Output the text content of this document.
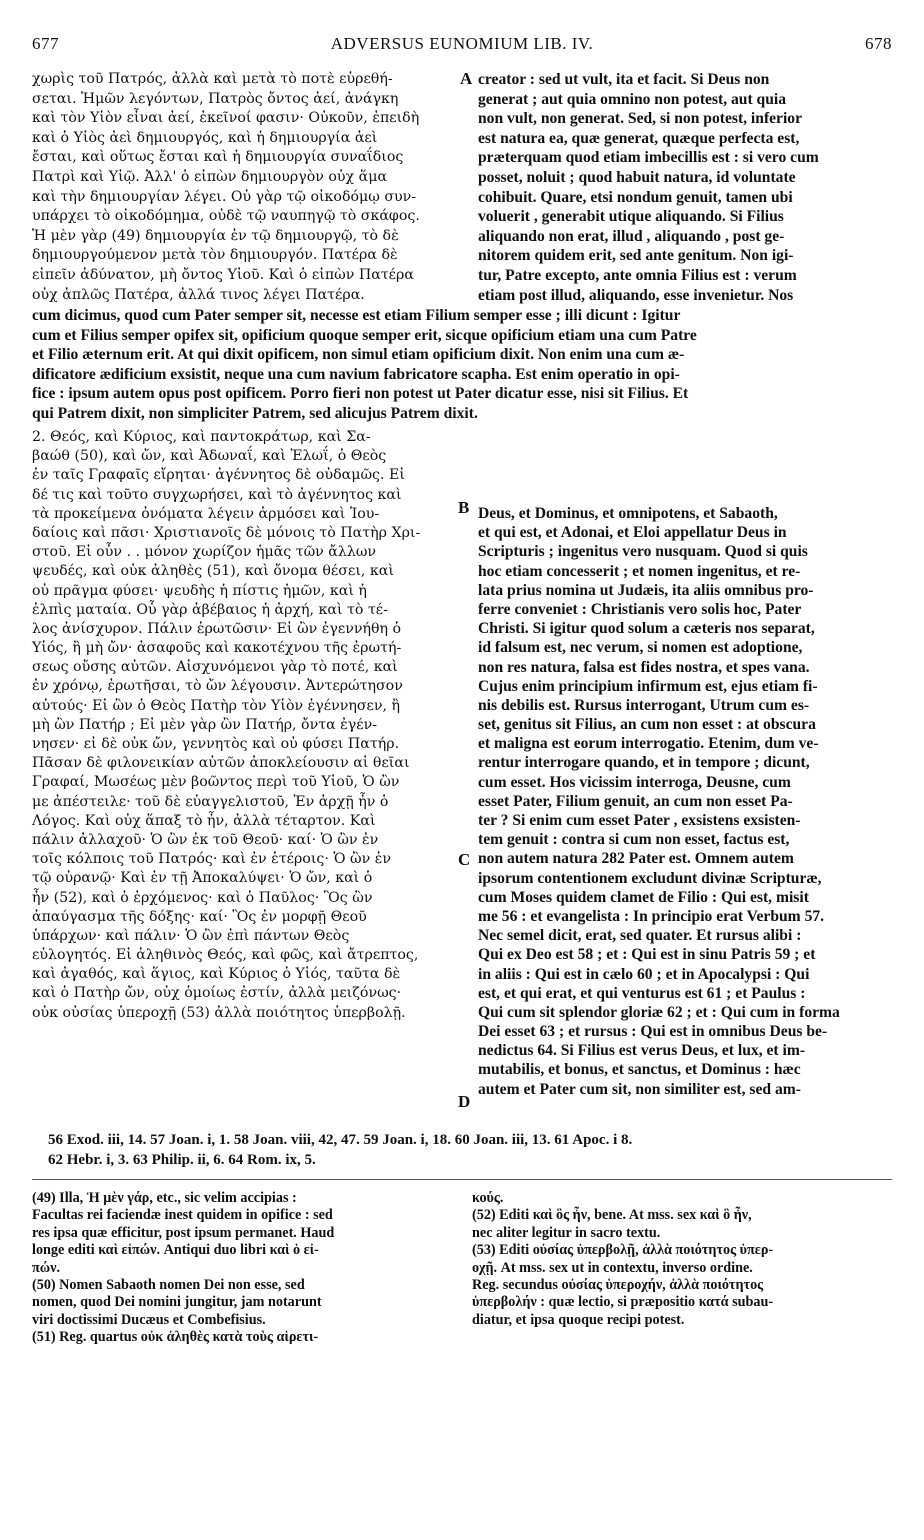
677	ADVERSUS EUNOMIUM LIB. IV.	678

χωρὶς τοῦ Πατρός, ἀλλὰ καὶ μετὰ τὸ ποτὲ εὑρεθή-

σεται. Ἡμῶν λεγόντων, Πατρὸς ὄντος ἀεί, ἀνάγκη

καὶ τὸν Υἱὸν εἶναι ἀεί, ἐκεῖνοί φασιν· Οὐκοῦν, ἐπειδὴ

καὶ ὁ Υἱὸς ἀεὶ δημιουργός, καὶ ἡ δημιουργία ἀεὶ

ἔσται, καὶ οὕτως ἔσται καὶ ἡ δημιουργία συναΐδιος

Πατρὶ καὶ Υἱῷ. Ἀλλ' ὁ εἰπὼν δημιουργὸν οὐχ ἅμα

καὶ τὴν δημιουργίαν λέγει. Οὐ γὰρ τῷ οἰκοδόμῳ συν-

υπάρχει τὸ οἰκοδόμημα, οὐδὲ τῷ ναυπηγῷ τὸ σκάφος.

Ἡ μὲν γὰρ (49) δημιουργία ἐν τῷ δημιουργῷ, τὸ δὲ

δημιουργούμενον μετὰ τὸν δημιουργόν. Πατέρα δὲ

εἰπεῖν ἀδύνατον, μὴ ὄντος Υἱοῦ. Καὶ ὁ εἰπὼν Πατέρα

οὐχ ἁπλῶς Πατέρα, ἀλλά τινος λέγει Πατέρα.

A creator : sed ut vult, ita et facit. Si Deus non

generat ; aut quia omnino non potest, aut quia

non vult, non generat. Sed, si non potest, inferior

est natura ea, quæ generat, quæque perfecta est,

præterquam quod etiam imbecillis est : si vero cum

posset, noluit ; quod habuit natura, id voluntate

cohibuit. Quare, etsi nondum genuit, tamen ubi

voluerit , generabit utique aliquando. Si Filius

aliquando non erat, illud , aliquando , post ge-

nitorem quidem erit, sed ante genitum. Non igi-

tur, Patre excepto, ante omnia Filius est : verum

etiam post illud, aliquando, esse invenietur. Nos

cum dicimus, quod cum Pater semper sit, necesse est etiam Filium semper esse ; illi dicunt : Igitur

cum et Filius semper opifex sit, opificium quoque semper erit, sicque opificium etiam una cum Patre

et Filio æternum erit. At qui dixit opificem, non simul etiam opificium dixit. Non enim una cum æ-

dificatore ædificium exsistit, neque una cum navium fabricatore scapha. Est enim operatio in opi-

fice : ipsum autem opus post opificem. Porro fieri non potest ut Pater dicatur esse, nisi sit Filius. Et

qui Patrem dixit, non simpliciter Patrem, sed alicujus Patrem dixit.

2. Θεός, καὶ Κύριος, καὶ παντοκράτωρ, καὶ Σα-

βαώθ (50), καὶ ὤν, καὶ Ἀδωναΐ, καὶ Ἐλωΐ, ὁ Θεὸς

ἐν ταῖς Γραφαῖς εἴρηται· ἀγέννητος δὲ οὐδαμῶς. Εἰ

δέ τις καὶ τοῦτο συγχωρήσει, καὶ τὸ ἀγέννητος καὶ

τὰ προκείμενα ὀνόματα λέγειν ἁρμόσει καὶ Ἰου-

δαίοις καὶ πᾶσι· Χριστιανοῖς δὲ μόνοις τὸ Πατὴρ Χρι-

στοῦ. Εἰ οὖν . . μόνον χωρίζον ἡμᾶς τῶν ἄλλων

ψευδές, καὶ οὐκ ἀληθὲς (51), καὶ ὄνομα θέσει, καὶ

οὐ πρᾶγμα φύσει· ψευδὴς ἡ πίστις ἡμῶν, καὶ ἡ

ἐλπὶς ματαία. Οὗ γὰρ ἀβέβαιος ἡ ἀρχή, καὶ τὸ τέ-

λος ἀνίσχυρον. Πάλιν ἐρωτῶσιν· Εἰ ὢν ἐγεννήθη ὁ

Υἱός, ἢ μὴ ὤν· ἀσαφοῦς καὶ κακοτέχνου τῆς ἐρωτή-

σεως οὔσης αὐτῶν. Αἰσχυνόμενοι γὰρ τὸ ποτέ, καὶ

ἐν χρόνῳ, ἐρωτῆσαι, τὸ ὤν λέγουσιν. Ἀντερώτησον

αὐτούς· Εἰ ὢν ὁ Θεὸς Πατὴρ τὸν Υἱὸν ἐγέννησεν, ἢ

μὴ ὢν Πατήρ ; Εἰ μὲν γὰρ ὢν Πατήρ, ὄντα ἐγέν-

νησεν· εἰ δὲ οὐκ ὤν, γεννητὸς καὶ οὐ φύσει Πατήρ.

Πᾶσαν δὲ φιλονεικίαν αὐτῶν ἀποκλείουσιν αἱ θεῖαι

Γραφαί, Μωσέως μὲν βοῶντος περὶ τοῦ Υἱοῦ, Ὁ ὢν

με ἀπέστειλε· τοῦ δὲ εὐαγγελιστοῦ, Ἐν ἀρχῇ ἦν ὁ

Λόγος. Καὶ οὐχ ἅπαξ τὸ ἦν, ἀλλὰ τέταρτον. Καὶ

πάλιν ἀλλαχοῦ· Ὁ ὢν ἐκ τοῦ Θεοῦ· καί· Ὁ ὢν ἐν

τοῖς κόλποις τοῦ Πατρός· καὶ ἐν ἑτέροις· Ὁ ὢν ἐν

τῷ οὐρανῷ· Καὶ ἐν τῇ Ἀποκαλύψει· Ὁ ὤν, καὶ ὁ

ἦν (52), καὶ ὁ ἐρχόμενος· καὶ ὁ Παῦλος· Ὃς ὢν

ἀπαύγασμα τῆς δόξης· καί· Ὃς ἐν μορφῇ Θεοῦ

ὑπάρχων· καὶ πάλιν· Ὁ ὢν ἐπὶ πάντων Θεὸς

εὐλογητός. Εἰ ἀληθινὸς Θεός, καὶ φῶς, καὶ ἄτρεπτος,

καὶ ἀγαθός, καὶ ἅγιος, καὶ Κύριος ὁ Υἱός, ταῦτα δὲ

καὶ ὁ Πατὴρ ὤν, οὐχ ὁμοίως ἐστίν, ἀλλὰ μειζόνως·

οὐκ οὐσίας ὑπεροχῇ (53) ἀλλὰ ποιότητος ὑπερβολῇ.

B
C
D

Deus, et Dominus, et omnipotens, et Sabaoth,

et qui est, et Adonai, et Eloi appellatur Deus in

Scripturis ; ingenitus vero nusquam. Quod si quis

hoc etiam concesserit ; et nomen ingenitus, et re-

lata prius nomina ut Judæis, ita aliis omnibus pro-

ferre conveniet : Christianis vero solis hoc, Pater

Christi. Si igitur quod solum a cæteris nos separat,

id falsum est, nec verum, si nomen est adoptione,

non res natura, falsa est fides nostra, et spes vana.

Cujus enim principium infirmum est, ejus etiam fi-

nis debilis est. Rursus interrogant, Utrum cum es-

set, genitus sit Filius, an cum non esset : at obscura

et maligna est eorum interrogatio. Etenim, dum ve-

rentur interrogare quando, et in tempore ; dicunt,

cum esset. Hos vicissim interroga, Deusne, cum

esset Pater, Filium genuit, an cum non esset Pa-

ter ? Si enim cum esset Pater , exsistens exsisten-

tem genuit : contra si cum non esset, factus est,

non autem natura 282 Pater est. Omnem autem

ipsorum contentionem excludunt divinæ Scripturæ,

cum Moses quidem clamet de Filio : Qui est, misit

me 56 : et evangelista : In principio erat Verbum 57.

Nec semel dicit, erat, sed quater. Et rursus alibi :

Qui ex Deo est 58 ; et : Qui est in sinu Patris 59 ; et

in aliis : Qui est in cælo 60 ; et in Apocalypsi : Qui

est, et qui erat, et qui venturus est 61 ; et Paulus :

Qui cum sit splendor gloriæ 62 ; et : Qui cum in forma

Dei esset 63 ; et rursus : Qui est in omnibus Deus be-

nedictus 64. Si Filius est verus Deus, et lux, et im-

mutabilis, et bonus, et sanctus, et Dominus : hæc

autem et Pater cum sit, non similiter est, sed am-

56 Exod. iii, 14. 57 Joan. i, 1. 58 Joan. viii, 42, 47. 59 Joan. i, 18. 60 Joan. iii, 13. 61 Apoc. i 8.

62 Hebr. i, 3. 63 Philip. ii, 6. 64 Rom. ix, 5.

(49) Illa, Ἡ μὲν γάρ, etc., sic velim accipias :

Facultas rei faciendæ inest quidem in opifice : sed

res ipsa quæ efficitur, post ipsum permanet. Haud

longe editi καὶ εἰπών. Antiqui duo libri καὶ ὁ εἰ-

πών.

(50) Nomen Sabaoth nomen Dei non esse, sed

nomen, quod Dei nomini jungitur, jam notarunt

viri doctissimi Ducæus et Combefisius.

(51) Reg. quartus οὐκ ἀληθὲς κατὰ τοὺς αἱρετι-

κούς.

(52) Editi καὶ ὃς ἦν, bene. At mss. sex καὶ ὃ ἦν,

nec aliter legitur in sacro textu.

(53) Editi οὐσίας ὑπερβολῇ, ἀλλὰ ποιότητος ὑπερ-

οχῇ. At mss. sex ut in contextu, inverso ordine.

Reg. secundus οὐσίας ὑπεροχήν, ἀλλὰ ποιότητος

ὑπερβολήν : quæ lectio, si præpositio κατά subau-

diatur, et ipsa quoque recipi potest.
